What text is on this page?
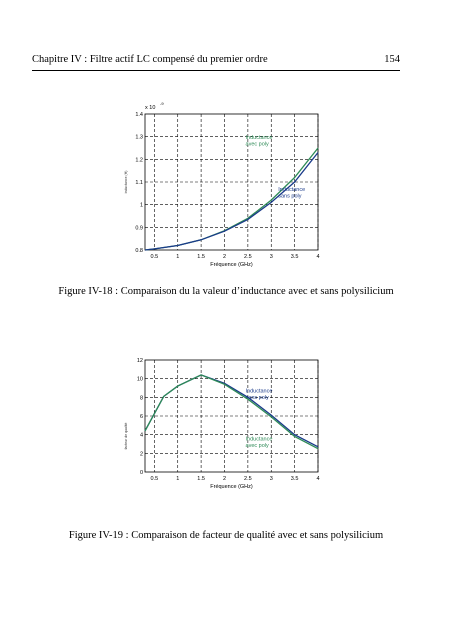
Chapitre IV : Filtre actif LC compensé du premier ordre	154
0.5	1	1.5	2	2.5	3	3.5	4
0.8
0.9
1
1.1
1.2
1.3
1.4
Inductance
avec poly
Inductance
sans poly
Fréquence (GHz)
inductance (H)
x 10
-9
0.5	1	1.5	2	2.5	3	3.5	4
0
2
4
6
8
10
12
Inductance
sans poly
Inductance
avec poly
Fréquence (GHz)
facteur de qualité
Figure IV-18 : Comparaison du la valeur d’inductance avec et sans polysilicium
Figure IV-19 : Comparaison de facteur de qualité avec et sans polysilicium
